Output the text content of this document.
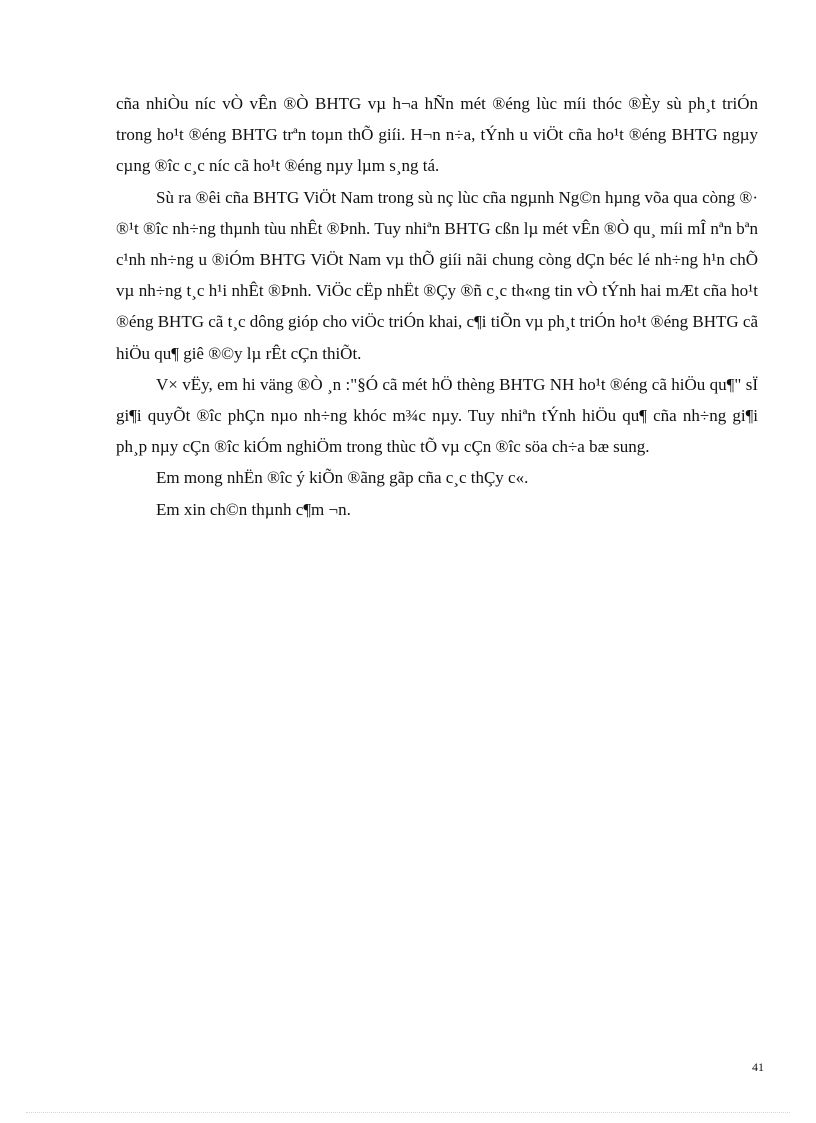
cña nhiÒu níc vÒ vÊn ®Ò BHTG vµ h¬a hÑn mét ®éng lùc míi thóc ®Èy sù ph¸t triÓn trong ho¹t ®éng BHTG trªn toµn thÕ giíi. H¬n n÷a, tÝnh u viÖt cña ho¹t ®éng BHTG ngµy cµng ®îc c¸c níc cã ho¹t ®éng nµy lµm s¸ng tá.

Sù ra ®êi cña BHTG ViÖt Nam trong sù nç lùc cña ngµnh Ng©n hµng võa qua còng ®· ®¹t ®îc nh÷ng thµnh tùu nhÊt ®Þnh. Tuy nhiªn BHTG cßn lµ mét vÊn ®Ò qu¸ míi mÎ nªn bªn c¹nh nh÷ng u ®iÓm BHTG ViÖt Nam vµ thÕ giíi nãi chung còng dÇn béc lé nh÷ng h¹n chÕ vµ nh÷ng t¸c h¹i nhÊt ®Þnh. ViÖc cËp nhËt ®Çy ®ñ c¸c th«ng tin vÒ tÝnh hai mÆt cña ho¹t ®éng BHTG cã t¸c dông gióp cho viÖc triÓn khai, c¶i tiÕn vµ ph¸t triÓn ho¹t ®éng BHTG cã hiÖu qu¶ giê ®©y lµ rÊt cÇn thiÕt.

V× vËy, em hi väng ®Ò ¸n :"§Ó cã mét hÖ thèng BHTG NH ho¹t ®éng cã hiÖu qu¶" sÏ gi¶i quyÕt ®îc phÇn nµo nh÷ng khóc m¾c nµy. Tuy nhiªn tÝnh hiÖu qu¶ cña nh÷ng gi¶i ph¸p nµy cÇn ®îc kiÓm nghiÖm trong thùc tÕ vµ cÇn ®îc söa ch÷a bæ sung.

Em mong nhËn ®îc ý kiÕn ®ãng gãp cña c¸c thÇy c«.

Em xin ch©n thµnh c¶m ¬n.

41
